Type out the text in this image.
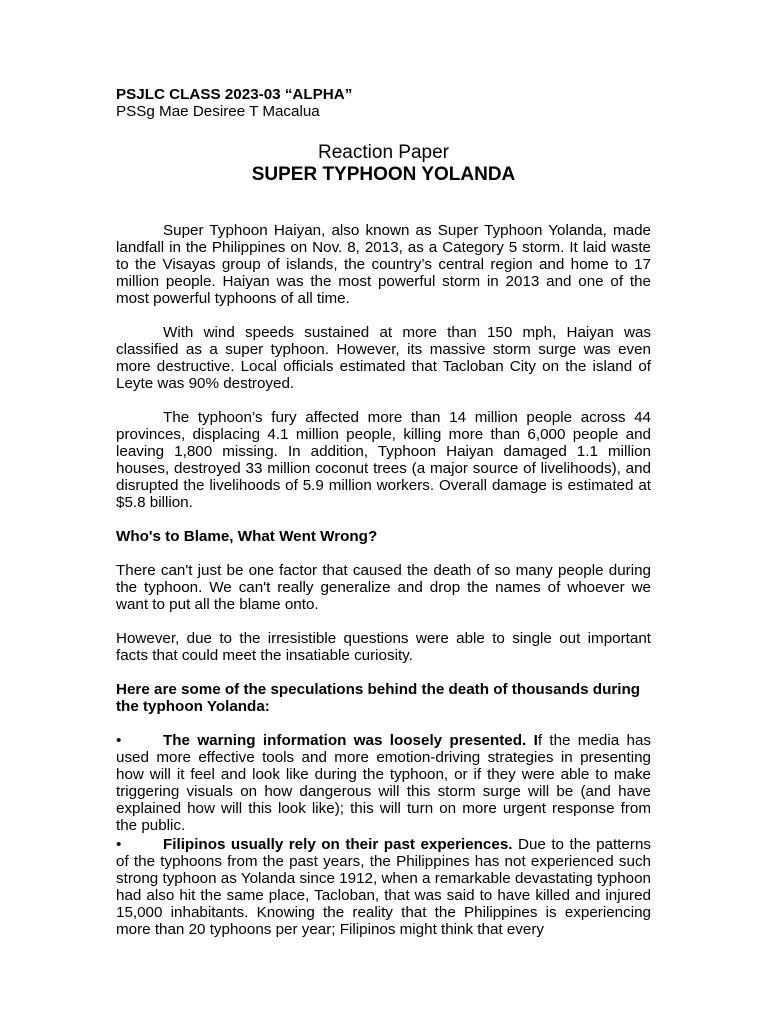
PSJLC CLASS 2023-03 “ALPHA”

PSSg Mae Desiree T Macalua

Reaction Paper

SUPER TYPHOON YOLANDA

Super Typhoon Haiyan, also known as Super Typhoon Yolanda, made landfall in the Philippines on Nov. 8, 2013, as a Category 5 storm. It laid waste to the Visayas group of islands, the country’s central region and home to 17 million people. Haiyan was the most powerful storm in 2013 and one of the most powerful typhoons of all time.

With wind speeds sustained at more than 150 mph, Haiyan was classified as a super typhoon. However, its massive storm surge was even more destructive. Local officials estimated that Tacloban City on the island of Leyte was 90% destroyed.

The typhoon’s fury affected more than 14 million people across 44 provinces, displacing 4.1 million people, killing more than 6,000 people and leaving 1,800 missing. In addition, Typhoon Haiyan damaged 1.1 million houses, destroyed 33 million coconut trees (a major source of livelihoods), and disrupted the livelihoods of 5.9 million workers. Overall damage is estimated at $5.8 billion.

Who's to Blame, What Went Wrong?

There can't just be one factor that caused the death of so many people during the typhoon. We can't really generalize and drop the names of whoever we want to put all the blame onto.

However, due to the irresistible questions were able to single out important facts that could meet the insatiable curiosity.

Here are some of the speculations behind the death of thousands during the typhoon Yolanda:

•	The warning information was loosely presented. If the media has used more effective tools and more emotion-driving strategies in presenting how will it feel and look like during the typhoon, or if they were able to make triggering visuals on how dangerous will this storm surge will be (and have explained how will this look like); this will turn on more urgent response from the public.
•	Filipinos usually rely on their past experiences. Due to the patterns of the typhoons from the past years, the Philippines has not experienced such strong typhoon as Yolanda since 1912, when a remarkable devastating typhoon had also hit the same place, Tacloban, that was said to have killed and injured 15,000 inhabitants. Knowing the reality that the Philippines is experiencing more than 20 typhoons per year; Filipinos might think that every
